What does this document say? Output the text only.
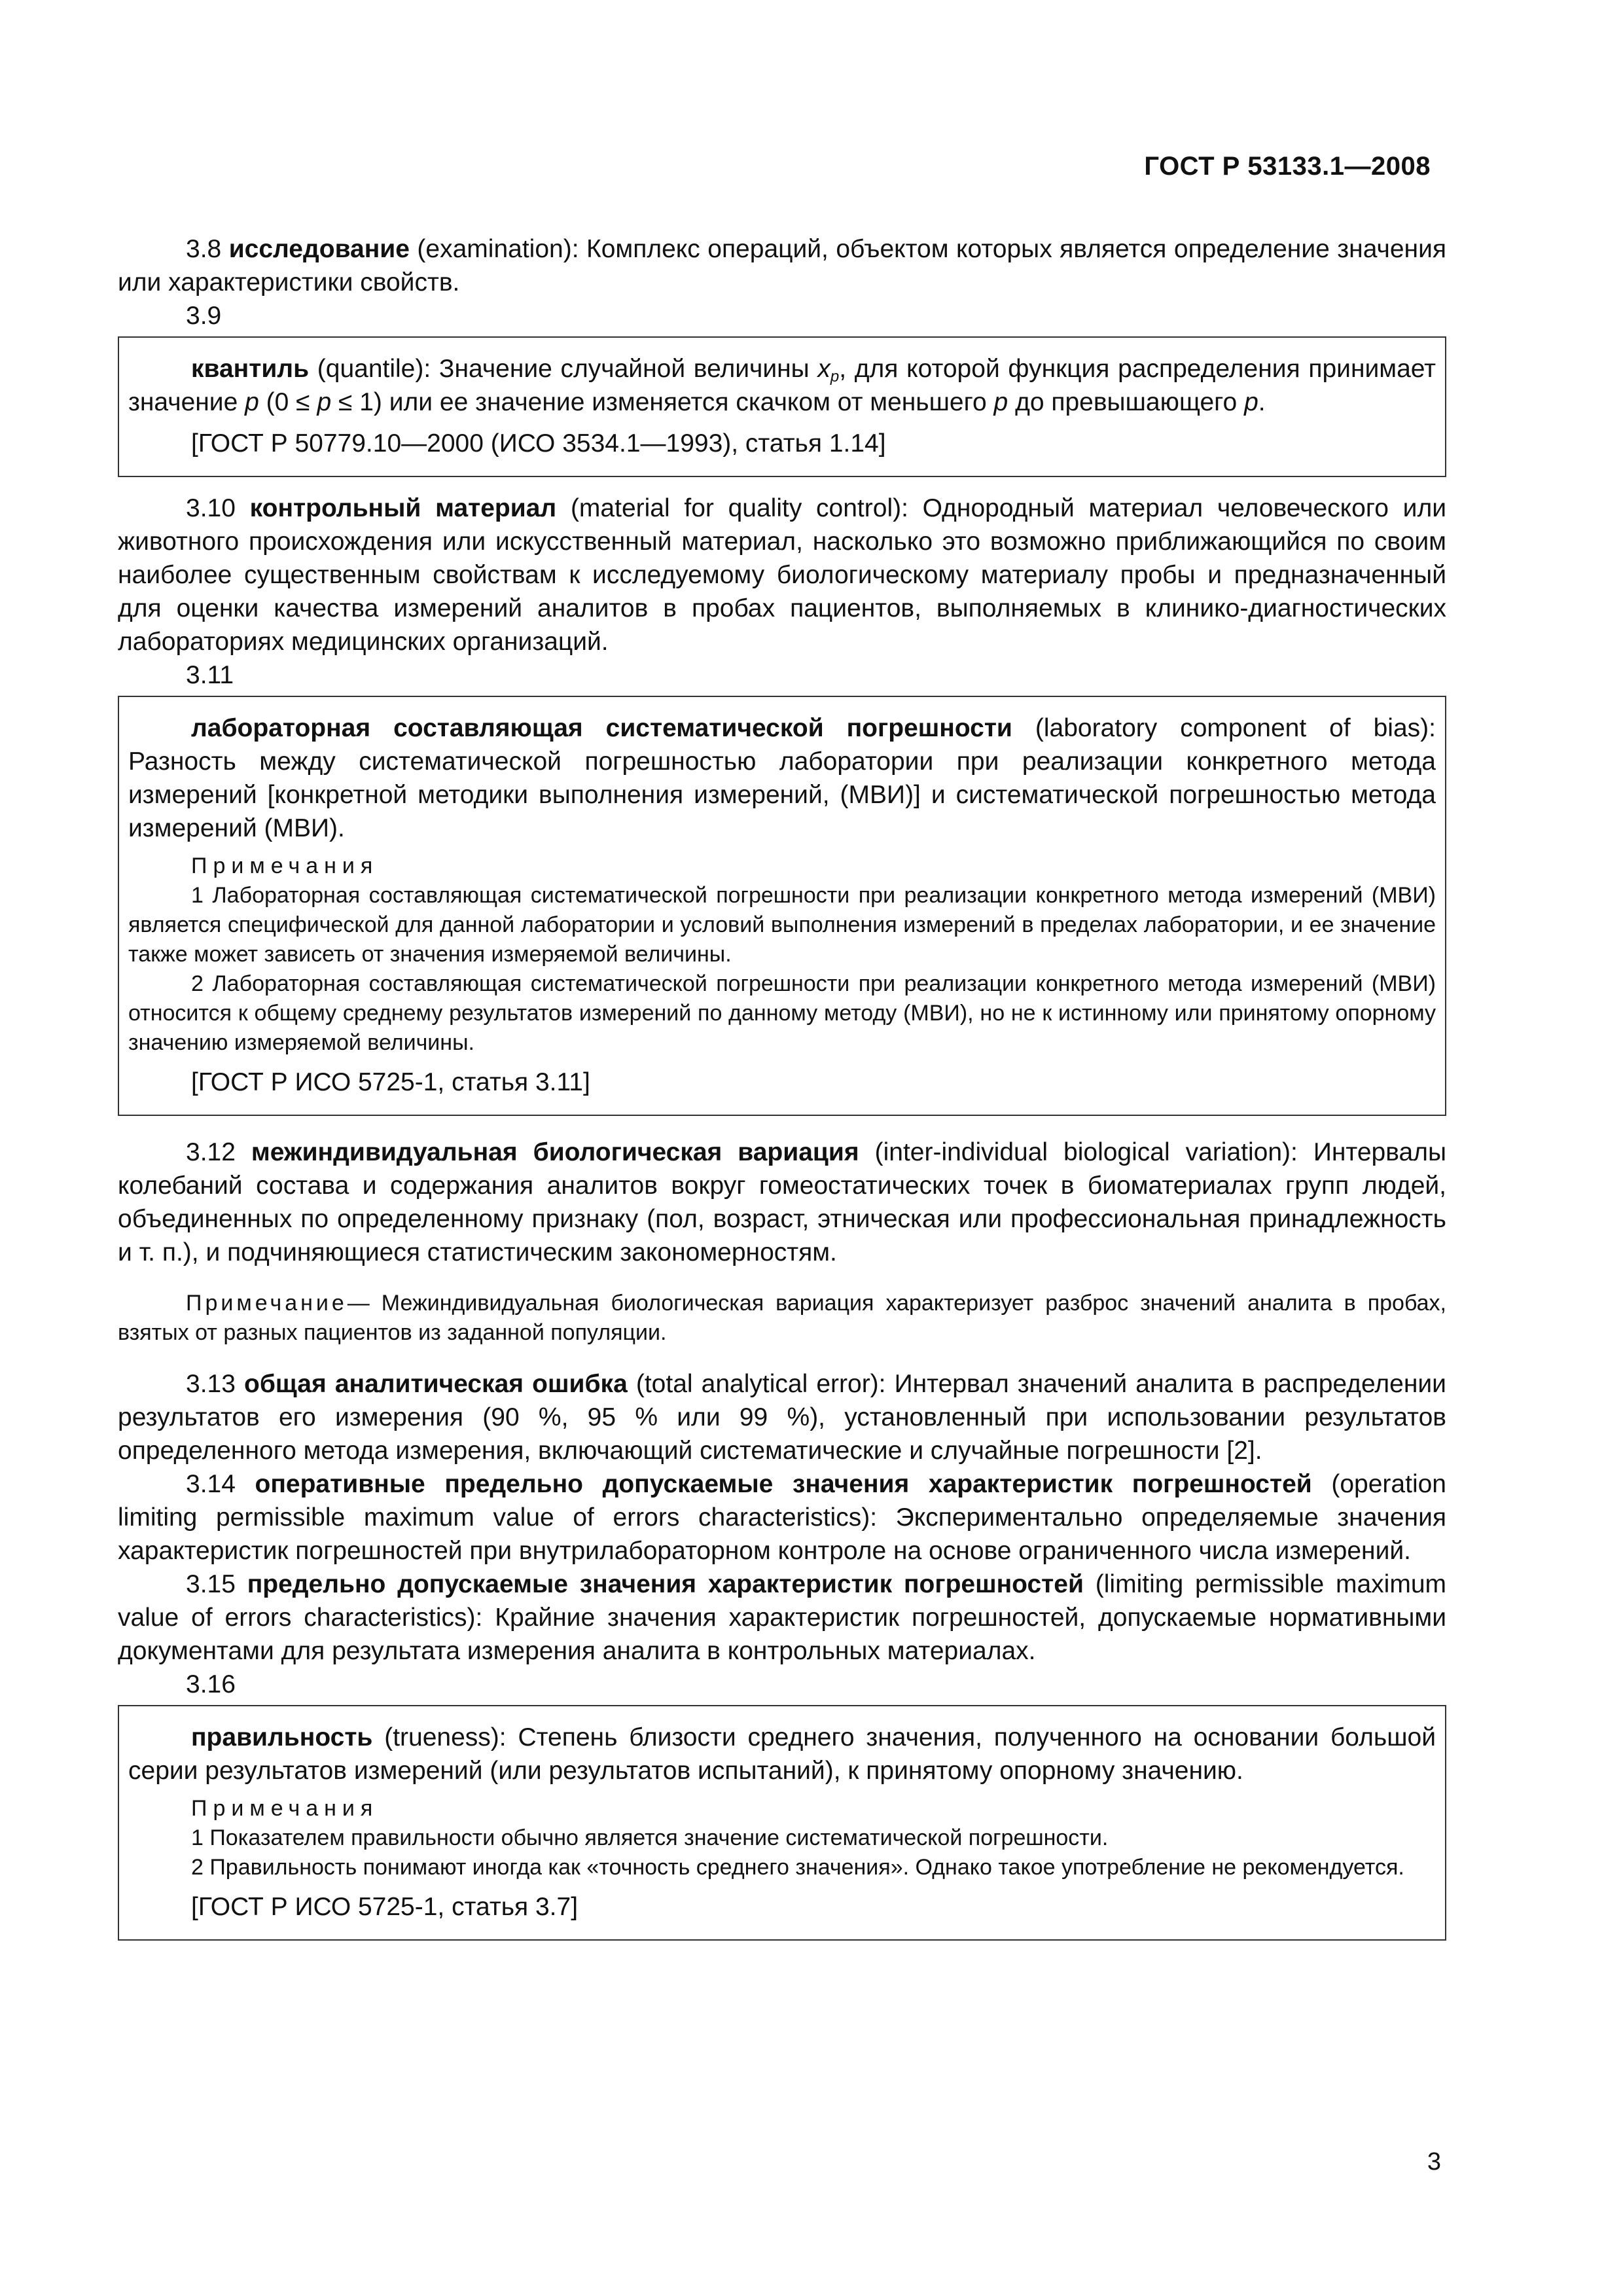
ГОСТ Р 53133.1—2008

3.8 исследование (examination): Комплекс операций, объектом которых является определение значения или характеристики свойств.

3.9

квантиль (quantile): Значение случайной величины $x_p$, для которой функция распределения принимает значение p (0 ≤ p ≤ 1) или ее значение изменяется скачком от меньшего p до превышающего p.

[ГОСТ Р 50779.10—2000 (ИСО 3534.1—1993), статья 1.14]

3.10 контрольный материал (material for quality control): Однородный материал человеческого или животного происхождения или искусственный материал, насколько это возможно приближающийся по своим наиболее существенным свойствам к исследуемому биологическому материалу пробы и предназначенный для оценки качества измерений аналитов в пробах пациентов, выполняемых в клинико-диагностических лабораториях медицинских организаций.

3.11

лабораторная составляющая систематической погрешности (laboratory component of bias): Разность между систематической погрешностью лаборатории при реализации конкретного метода измерений [конкретной методики выполнения измерений, (МВИ)] и систематической погрешностью метода измерений (МВИ).

Примечания

1 Лабораторная составляющая систематической погрешности при реализации конкретного метода измерений (МВИ) является специфической для данной лаборатории и условий выполнения измерений в пределах лаборатории, и ее значение также может зависеть от значения измеряемой величины.

2 Лабораторная составляющая систематической погрешности при реализации конкретного метода измерений (МВИ) относится к общему среднему результатов измерений по данному методу (МВИ), но не к истинному или принятому опорному значению измеряемой величины.

[ГОСТ Р ИСО 5725-1, статья 3.11]

3.12 межиндивидуальная биологическая вариация (inter-individual biological variation): Интервалы колебаний состава и содержания аналитов вокруг гомеостатических точек в биоматериалах групп людей, объединенных по определенному признаку (пол, возраст, этническая или профессиональная принадлежность и т. п.), и подчиняющиеся статистическим закономерностям.

Примечание— Межиндивидуальная биологическая вариация характеризует разброс значений аналита в пробах, взятых от разных пациентов из заданной популяции.

3.13 общая аналитическая ошибка (total analytical error): Интервал значений аналита в распределении результатов его измерения (90 %, 95 % или 99 %), установленный при использовании результатов определенного метода измерения, включающий систематические и случайные погрешности [2].

3.14 оперативные предельно допускаемые значения характеристик погрешностей (operation limiting permissible maximum value of errors characteristics): Экспериментально определяемые значения характеристик погрешностей при внутрилабораторном контроле на основе ограниченного числа измерений.

3.15 предельно допускаемые значения характеристик погрешностей (limiting permissible maximum value of errors characteristics): Крайние значения характеристик погрешностей, допускаемые нормативными документами для результата измерения аналита в контрольных материалах.

3.16

правильность (trueness): Степень близости среднего значения, полученного на основании большой серии результатов измерений (или результатов испытаний), к принятому опорному значению.

Примечания

1 Показателем правильности обычно является значение систематической погрешности.

2 Правильность понимают иногда как «точность среднего значения». Однако такое употребление не рекомендуется.

[ГОСТ Р ИСО 5725-1, статья 3.7]

3
